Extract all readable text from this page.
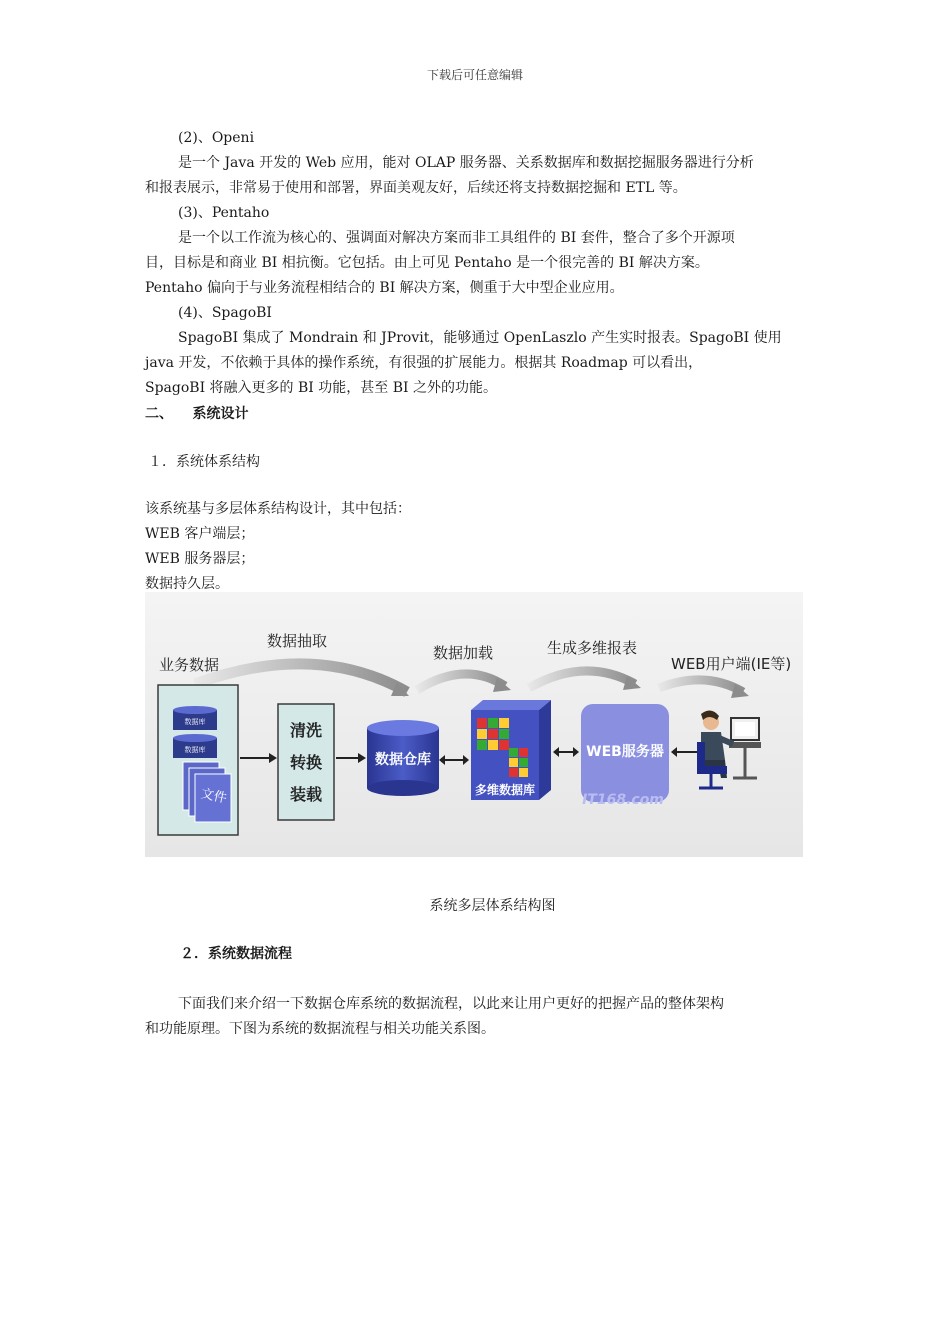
下载后可任意编辑
(2)、Openi
是一个 Java 开发的 Web 应用，能对 OLAP 服务器、关系数据库和数据挖掘服务器进行分析
和报表展示，非常易于使用和部署，界面美观友好，后续还将支持数据挖掘和 ETL 等。
(3)、Pentaho
是一个以工作流为核心的、强调面对解决方案而非工具组件的 BI 套件，整合了多个开源项
目，目标是和商业 BI 相抗衡。它包括。由上可见 Pentaho 是一个很完善的 BI 解决方案。
Pentaho 偏向于与业务流程相结合的 BI 解决方案，侧重于大中型企业应用。
(4)、SpagoBI
SpagoBI 集成了 Mondrain 和 JProvit，能够通过 OpenLaszlo 产生实时报表。SpagoBI 使用
java 开发，不依赖于具体的操作系统，有很强的扩展能力。根据其 Roadmap 可以看出，
SpagoBI 将融入更多的 BI 功能，甚至 BI 之外的功能。
二、    系统设计
１．系统体系结构
该系统基与多层体系结构设计，其中包括：
WEB 客户端层；
WEB 服务器层；
数据持久层。
业务数据
数据抽取
数据加载	生成多维报表
WEB用户端(IE等)
数据库
数据库
文件
清洗
转换
装载
数据仓库
多维数据库
WEB服务器
IT168.com
系统多层体系结构图
２．系统数据流程
下面我们来介绍一下数据仓库系统的数据流程，以此来让用户更好的把握产品的整体架构
和功能原理。下图为系统的数据流程与相关功能关系图。
